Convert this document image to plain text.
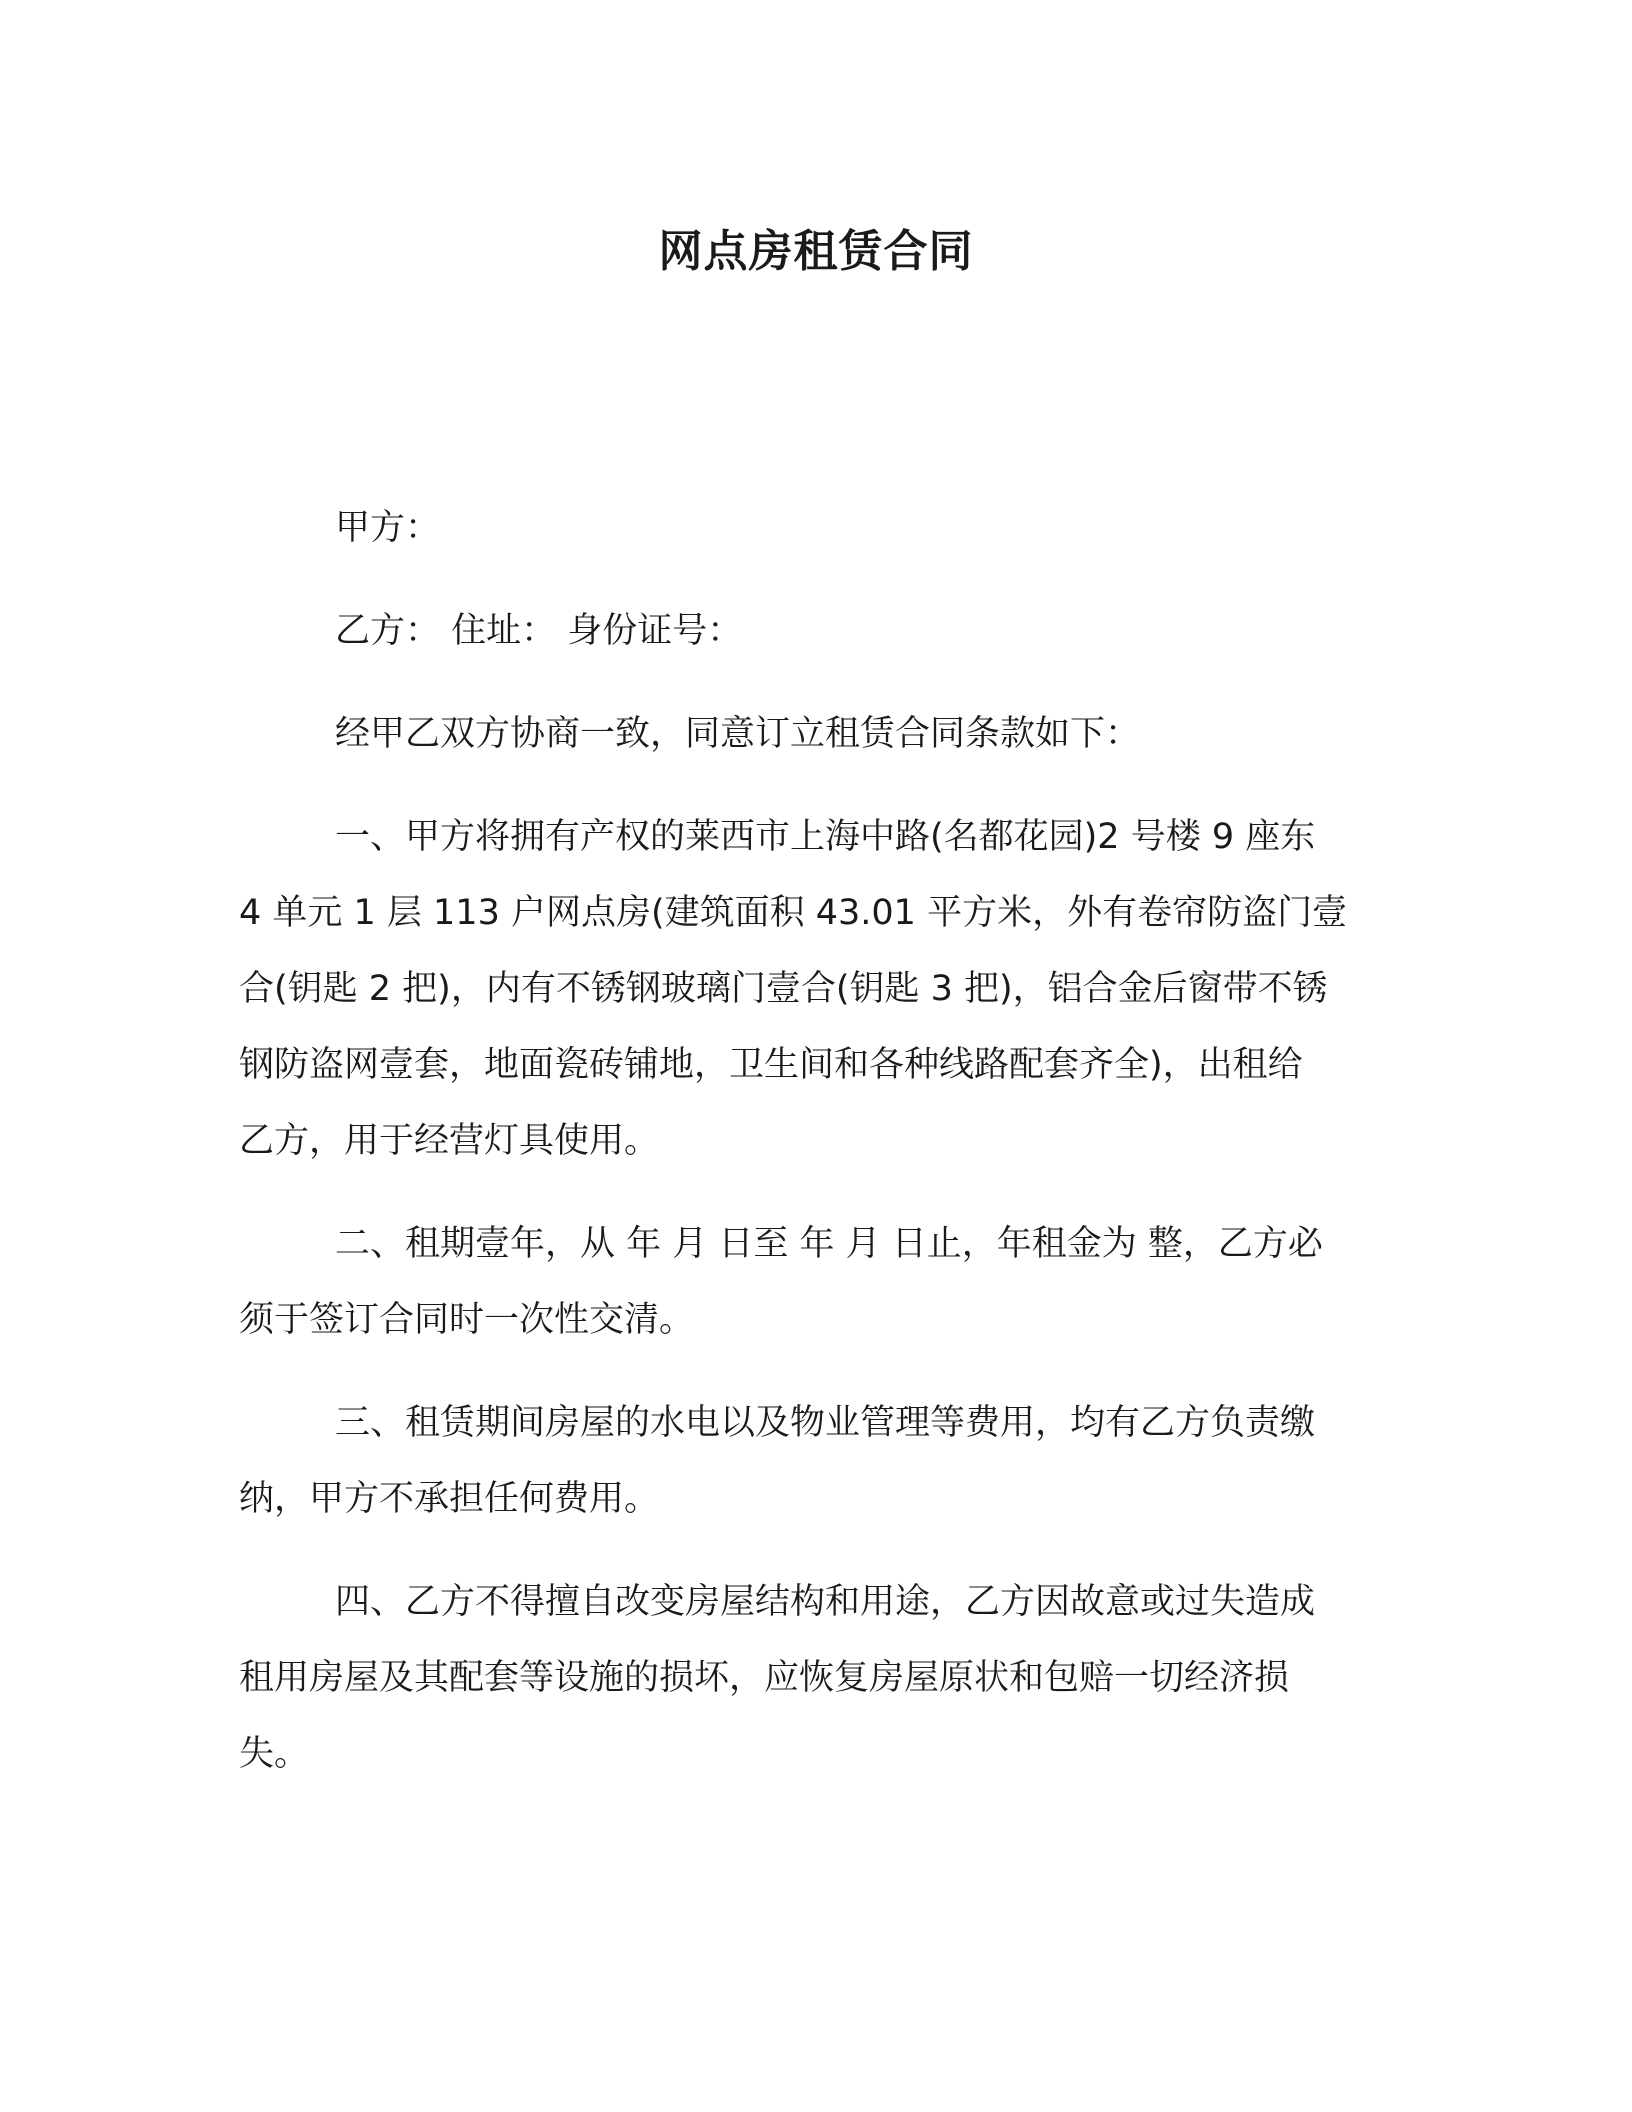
网点房租赁合同

甲方：

乙方： 住址： 身份证号：

经甲乙双方协商一致，同意订立租赁合同条款如下：

一、甲方将拥有产权的莱西市上海中路(名都花园)2 号楼 9 座东

4 单元 1 层 113 户网点房(建筑面积 43.01 平方米，外有卷帘防盗门壹

合(钥匙 2 把)，内有不锈钢玻璃门壹合(钥匙 3 把)，铝合金后窗带不锈

钢防盗网壹套，地面瓷砖铺地，卫生间和各种线路配套齐全)，出租给

乙方，用于经营灯具使用。

二、租期壹年，从 年 月 日至 年 月 日止，年租金为 整，乙方必

须于签订合同时一次性交清。

三、租赁期间房屋的水电以及物业管理等费用，均有乙方负责缴

纳，甲方不承担任何费用。

四、乙方不得擅自改变房屋结构和用途，乙方因故意或过失造成

租用房屋及其配套等设施的损坏，应恢复房屋原状和包赔一切经济损

失。
